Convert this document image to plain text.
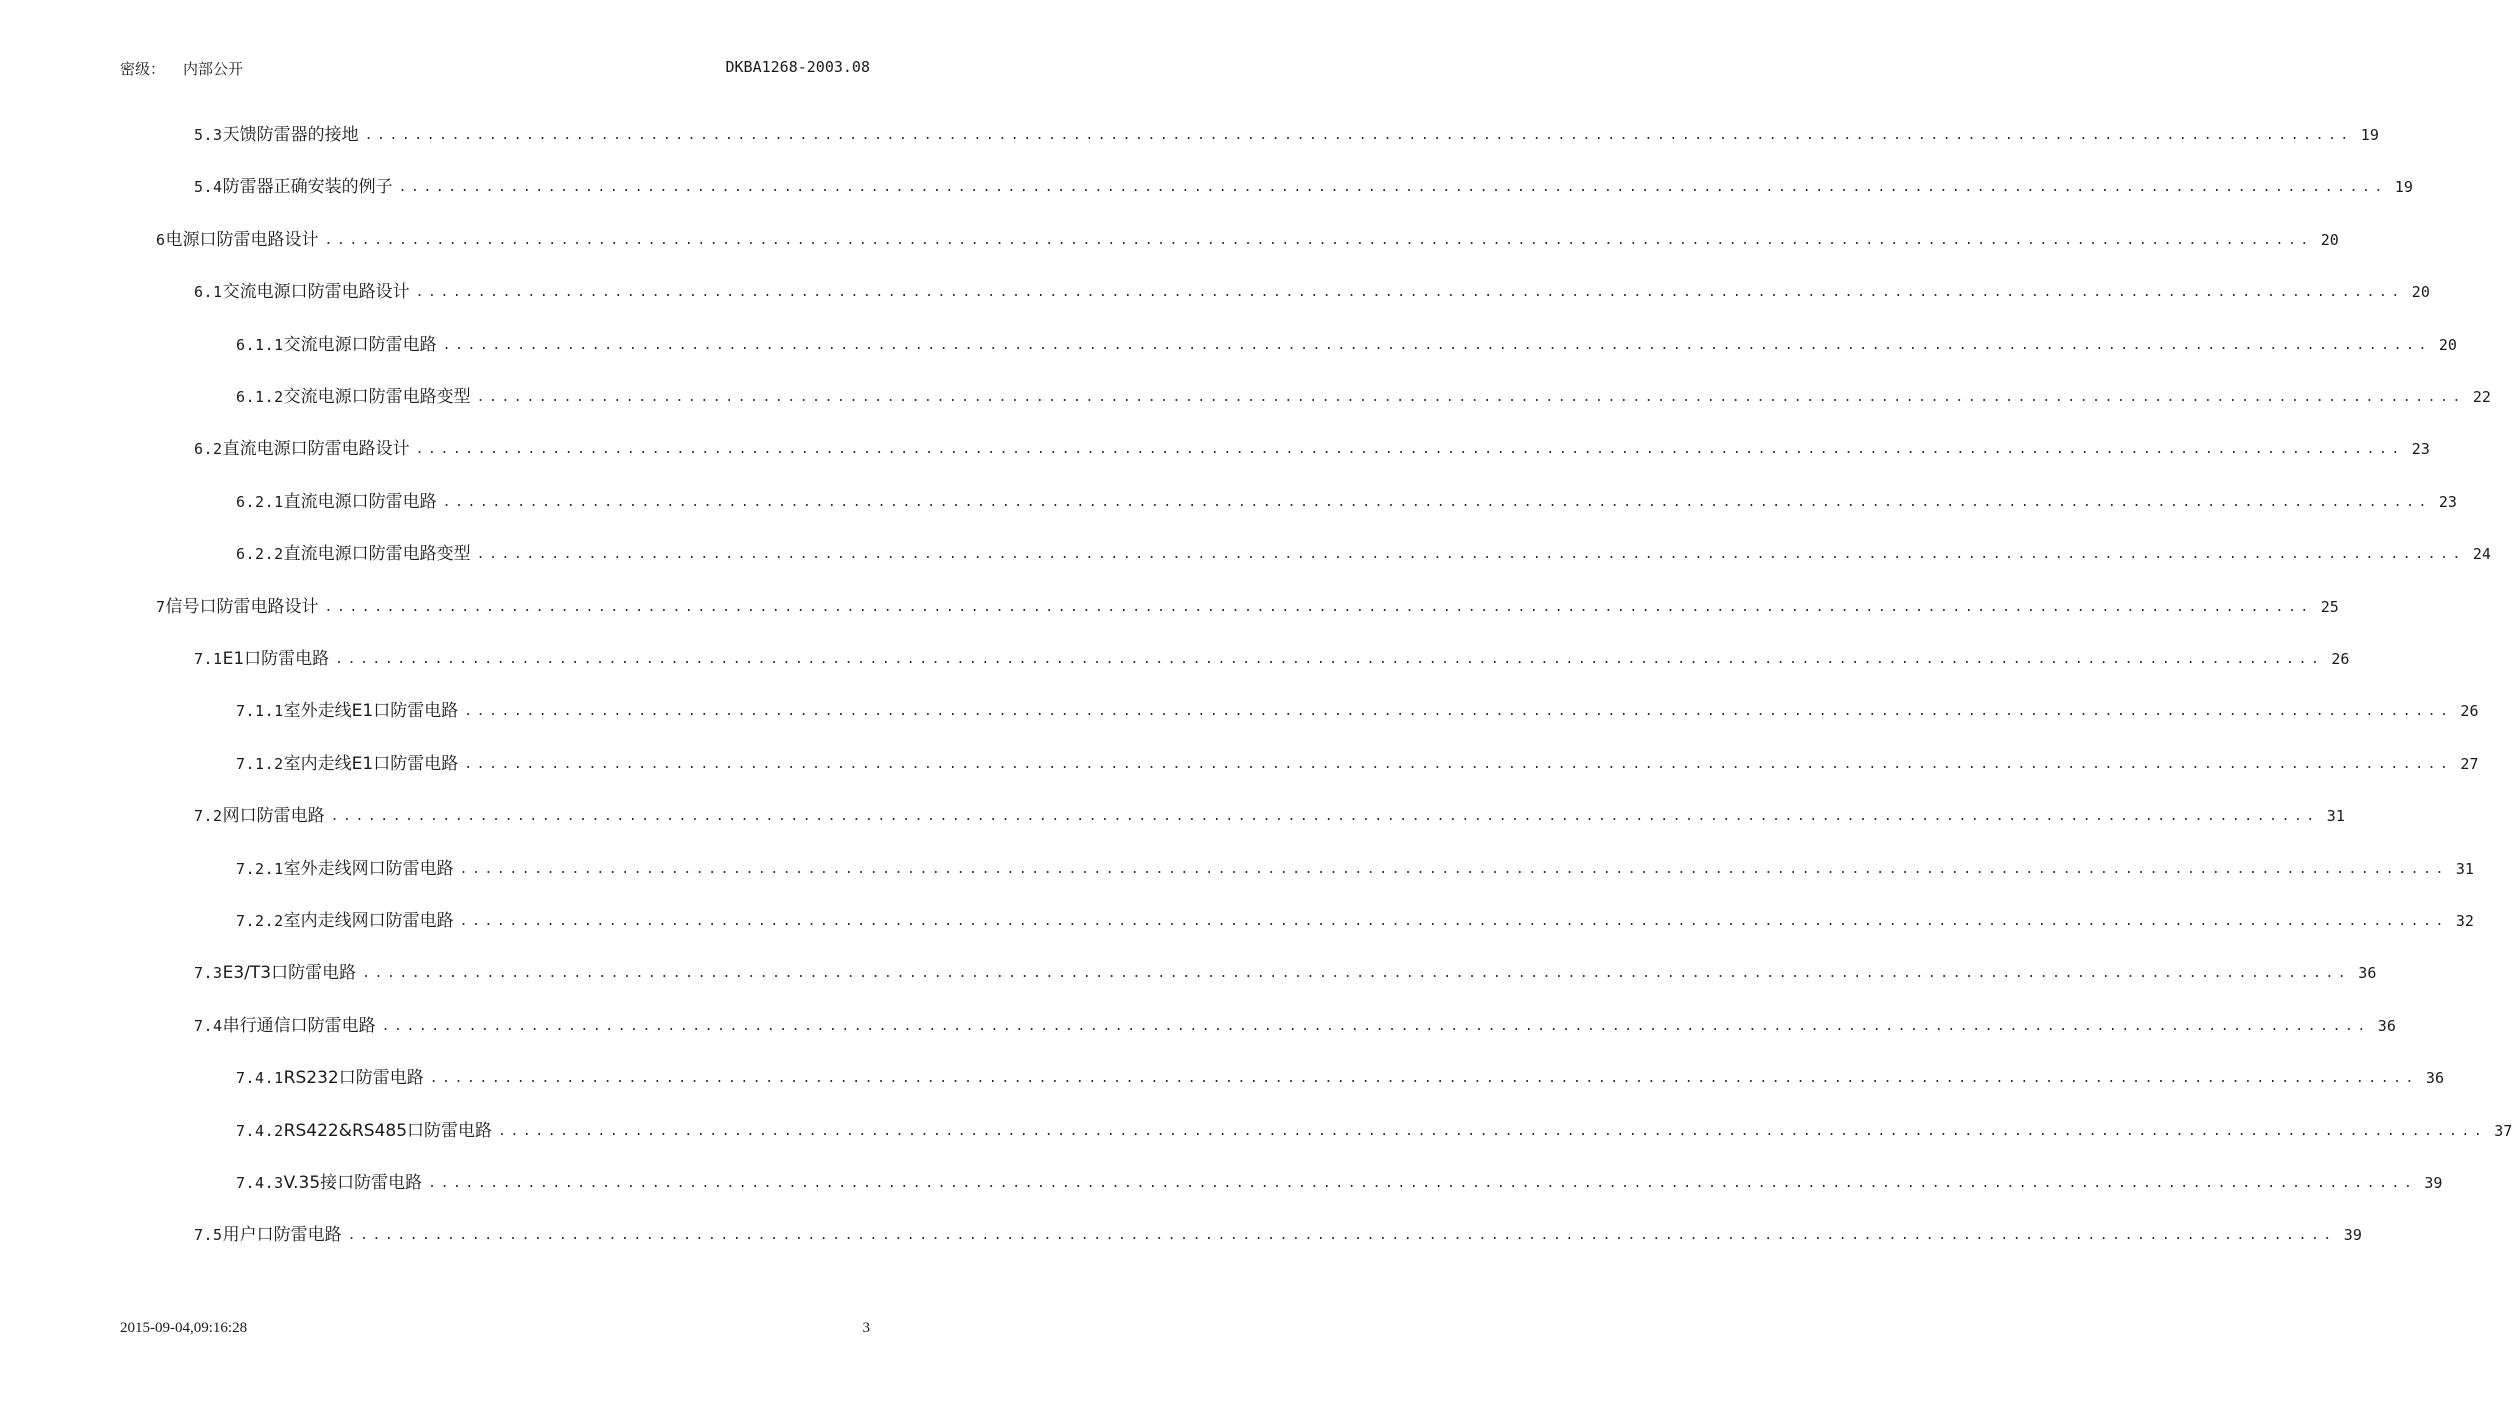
密级： 内部公开	DKBA1268-2003.08
5.3 天馈防雷器的接地 ................................................................................................................................................................ 19
5.4 防雷器正确安装的例子 ................................................................................................................................................................ 19
6 电源口防雷电路设计 ................................................................................................................................................................ 20
6.1 交流电源口防雷电路设计 ................................................................................................................................................................ 20
6.1.1 交流电源口防雷电路 ................................................................................................................................................................ 20
6.1.2 交流电源口防雷电路变型 ................................................................................................................................................................ 22
6.2 直流电源口防雷电路设计 ................................................................................................................................................................ 23
6.2.1 直流电源口防雷电路 ................................................................................................................................................................ 23
6.2.2 直流电源口防雷电路变型 ................................................................................................................................................................ 24
7 信号口防雷电路设计 ................................................................................................................................................................ 25
7.1 E1口防雷电路 ................................................................................................................................................................ 26
7.1.1 室外走线E1口防雷电路 ................................................................................................................................................................ 26
7.1.2 室内走线E1口防雷电路 ................................................................................................................................................................ 27
7.2 网口防雷电路 ................................................................................................................................................................ 31
7.2.1 室外走线网口防雷电路 ................................................................................................................................................................ 31
7.2.2 室内走线网口防雷电路 ................................................................................................................................................................ 32
7.3 E3/T3口防雷电路 ................................................................................................................................................................ 36
7.4 串行通信口防雷电路 ................................................................................................................................................................ 36
7.4.1 RS232口防雷电路 ................................................................................................................................................................ 36
7.4.2 RS422&RS485口防雷电路 ................................................................................................................................................................ 37
7.4.3 V.35接口防雷电路 ................................................................................................................................................................ 39
7.5 用户口防雷电路 ................................................................................................................................................................ 39
2015-09-04,09:16:28	3
